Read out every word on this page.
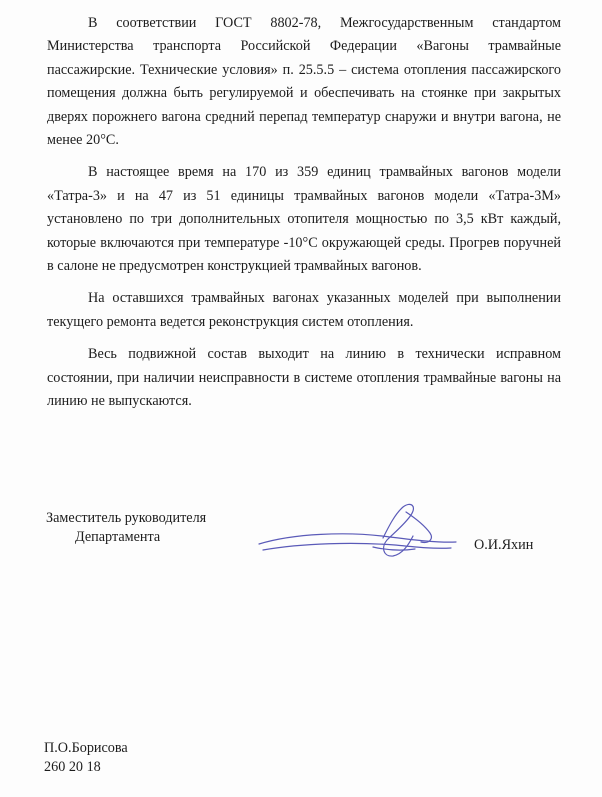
В соответствии ГОСТ 8802-78, Межгосударственным стандартом Министерства транспорта Российской Федерации «Вагоны трамвайные пассажирские. Технические условия» п. 25.5.5 – система отопления пассажирского помещения должна быть регулируемой и обеспечивать на стоянке при закрытых дверях порожнего вагона средний перепад температур снаружи и внутри вагона, не менее 20°С.

В настоящее время на 170 из 359 единиц трамвайных вагонов модели «Татра-3» и на 47 из 51 единицы трамвайных вагонов модели «Татра-3М» установлено по три дополнительных отопителя мощностью по 3,5 кВт каждый, которые включаются при температуре -10°С окружающей среды. Прогрев поручней в салоне не предусмотрен конструкцией трамвайных вагонов.

На оставшихся трамвайных вагонах указанных моделей при выполнении текущего ремонта ведется реконструкция систем отопления.

Весь подвижной состав выходит на линию в технически исправном состоянии, при наличии неисправности в системе отопления трамвайные вагоны на линию не выпускаются.

Заместитель руководителя
Департамента	О.И.Яхин
П.О.Борисова
260 20 18
